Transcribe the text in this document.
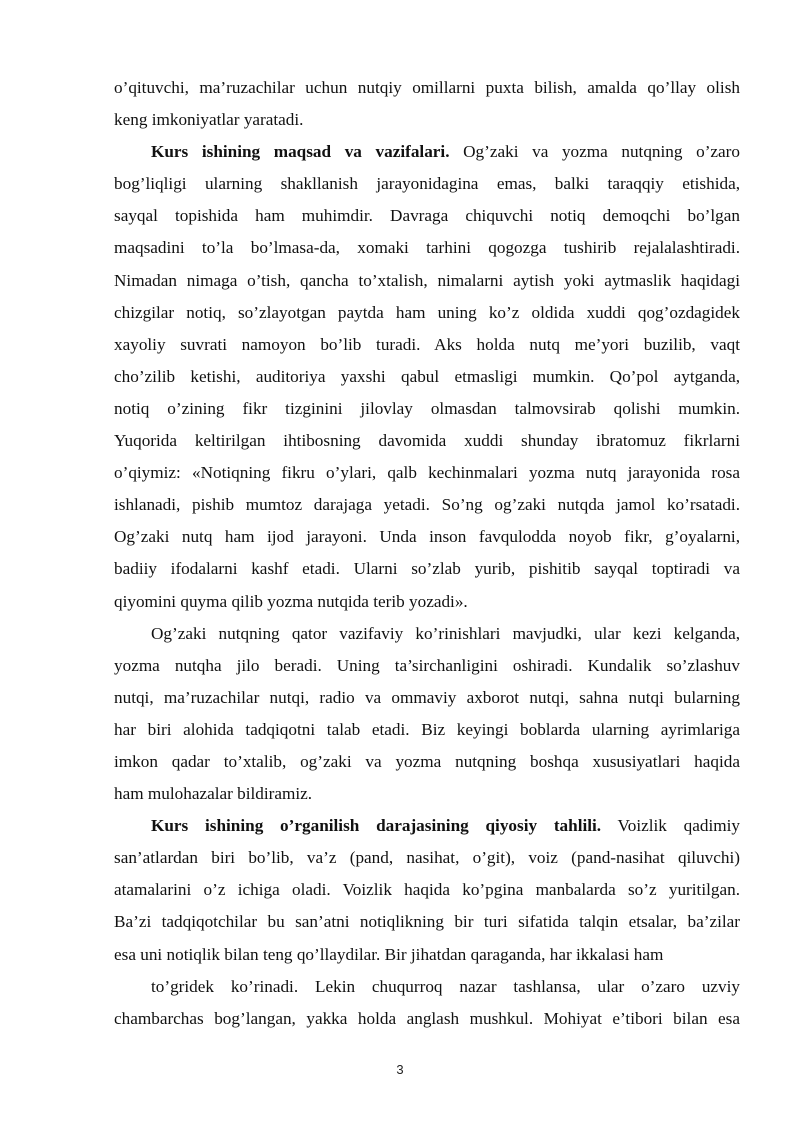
o’qituvchi, ma’ruzachilar uchun nutqiy omillarni puxta bilish, amalda qo’llay olish
keng imkoniyatlar yaratadi.
Kurs ishining maqsad va vazifalari. Og’zaki va yozma nutqning o’zaro
bog’liqligi ularning shakllanish jarayonidagina emas, balki taraqqiy etishida,
sayqal topishida ham muhimdir. Davraga chiquvchi notiq demoqchi bo’lgan
maqsadini to’la bo’lmasa-da, xomaki tarhini qogozga tushirib rejalalashtiradi.
Nimadan nimaga o’tish, qancha to’xtalish, nimalarni aytish yoki aytmaslik haqidagi
chizgilar notiq, so’zlayotgan paytda ham uning ko’z oldida xuddi qog’ozdagidek
xayoliy suvrati namoyon bo’lib turadi. Aks holda nutq me’yori buzilib, vaqt
cho’zilib ketishi, auditoriya yaxshi qabul etmasligi mumkin. Qo’pol aytganda,
notiq o’zining fikr tizginini jilovlay olmasdan talmovsirab qolishi mumkin.
Yuqorida keltirilgan ihtibosning davomida xuddi shunday ibratomuz fikrlarni
o’qiymiz: «Notiqning fikru o’ylari, qalb kechinmalari yozma nutq jarayonida rosa
ishlanadi, pishib mumtoz darajaga yetadi. So’ng og’zaki nutqda jamol ko’rsatadi.
Og’zaki nutq ham ijod jarayoni. Unda inson favqulodda noyob fikr, g’oyalarni,
badiiy ifodalarni kashf etadi. Ularni so’zlab yurib, pishitib sayqal toptiradi va
qiyomini quyma qilib yozma nutqida terib yozadi».
Og’zaki nutqning qator vazifaviy ko’rinishlari mavjudki, ular kezi kelganda,
yozma nutqha jilo beradi. Uning ta’sirchanligini oshiradi. Kundalik so’zlashuv
nutqi, ma’ruzachilar nutqi, radio va ommaviy axborot nutqi, sahna nutqi bularning
har biri alohida tadqiqotni talab etadi. Biz keyingi boblarda ularning ayrimlariga
imkon qadar to’xtalib, og’zaki va yozma nutqning boshqa xususiyatlari haqida
ham mulohazalar bildiramiz.
Kurs ishining o’rganilish darajasining qiyosiy tahlili. Voizlik qadimiy
san’atlardan biri bo’lib, va’z (pand, nasihat, o’git), voiz (pand-nasihat qiluvchi)
atamalarini o’z ichiga oladi. Voizlik haqida ko’pgina manbalarda so’z yuritilgan.
Ba’zi tadqiqotchilar bu san’atni notiqlikning bir turi sifatida talqin etsalar, ba’zilar
esa uni notiqlik bilan teng qo’llaydilar. Bir jihatdan qaraganda, har ikkalasi ham
to’gridek ko’rinadi. Lekin chuqurroq nazar tashlansa, ular o’zaro uzviy
chambarchas bog’langan, yakka holda anglash mushkul. Mohiyat e’tibori bilan esa
3
